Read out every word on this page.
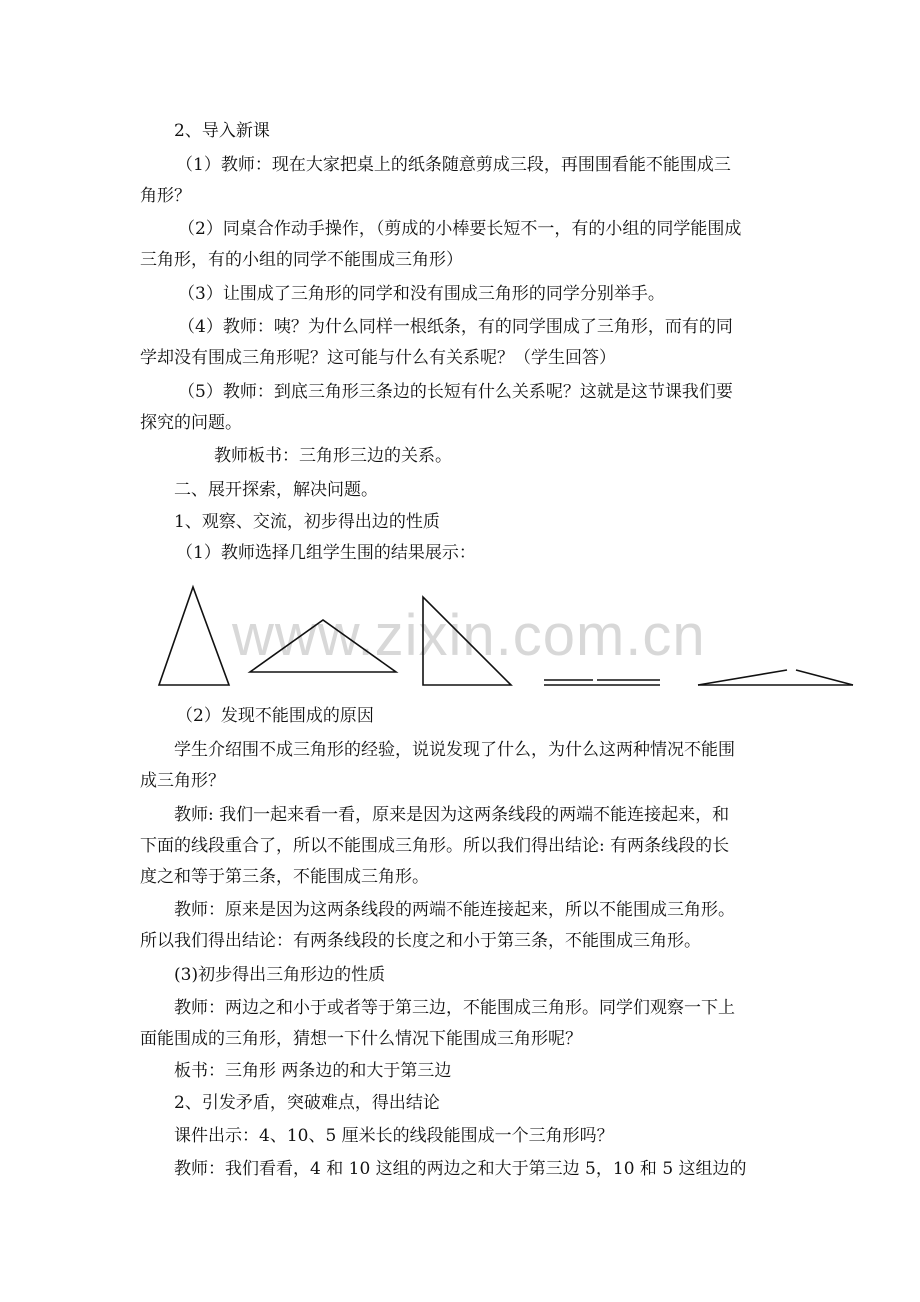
www.zixin.com.cn
2、导入新课
（1）教师：现在大家把桌上的纸条随意剪成三段，再围围看能不能围成三
角形？
（2）同桌合作动手操作，（剪成的小棒要长短不一，有的小组的同学能围成
三角形，有的小组的同学不能围成三角形）
（3）让围成了三角形的同学和没有围成三角形的同学分别举手。
（4）教师：咦？为什么同样一根纸条，有的同学围成了三角形，而有的同
学却没有围成三角形呢？这可能与什么有关系呢？（学生回答）
（5）教师：到底三角形三条边的长短有什么关系呢？这就是这节课我们要
探究的问题。
教师板书：三角形三边的关系。
二、展开探索，解决问题。
1、观察、交流，初步得出边的性质
（1）教师选择几组学生围的结果展示：
（2）发现不能围成的原因
学生介绍围不成三角形的经验，说说发现了什么，为什么这两种情况不能围
成三角形？
教师: 我们一起来看一看，原来是因为这两条线段的两端不能连接起来，和
下面的线段重合了，所以不能围成三角形。所以我们得出结论: 有两条线段的长
度之和等于第三条，不能围成三角形。
教师：原来是因为这两条线段的两端不能连接起来，所以不能围成三角形。
所以我们得出结论：有两条线段的长度之和小于第三条，不能围成三角形。
(3)初步得出三角形边的性质
教师：两边之和小于或者等于第三边，不能围成三角形。同学们观察一下上
面能围成的三角形，猜想一下什么情况下能围成三角形呢？
板书：三角形 两条边的和大于第三边
2、引发矛盾，突破难点，得出结论
课件出示：4、10、5 厘米长的线段能围成一个三角形吗？
教师：我们看看，4 和 10 这组的两边之和大于第三边 5，10 和 5 这组边的
